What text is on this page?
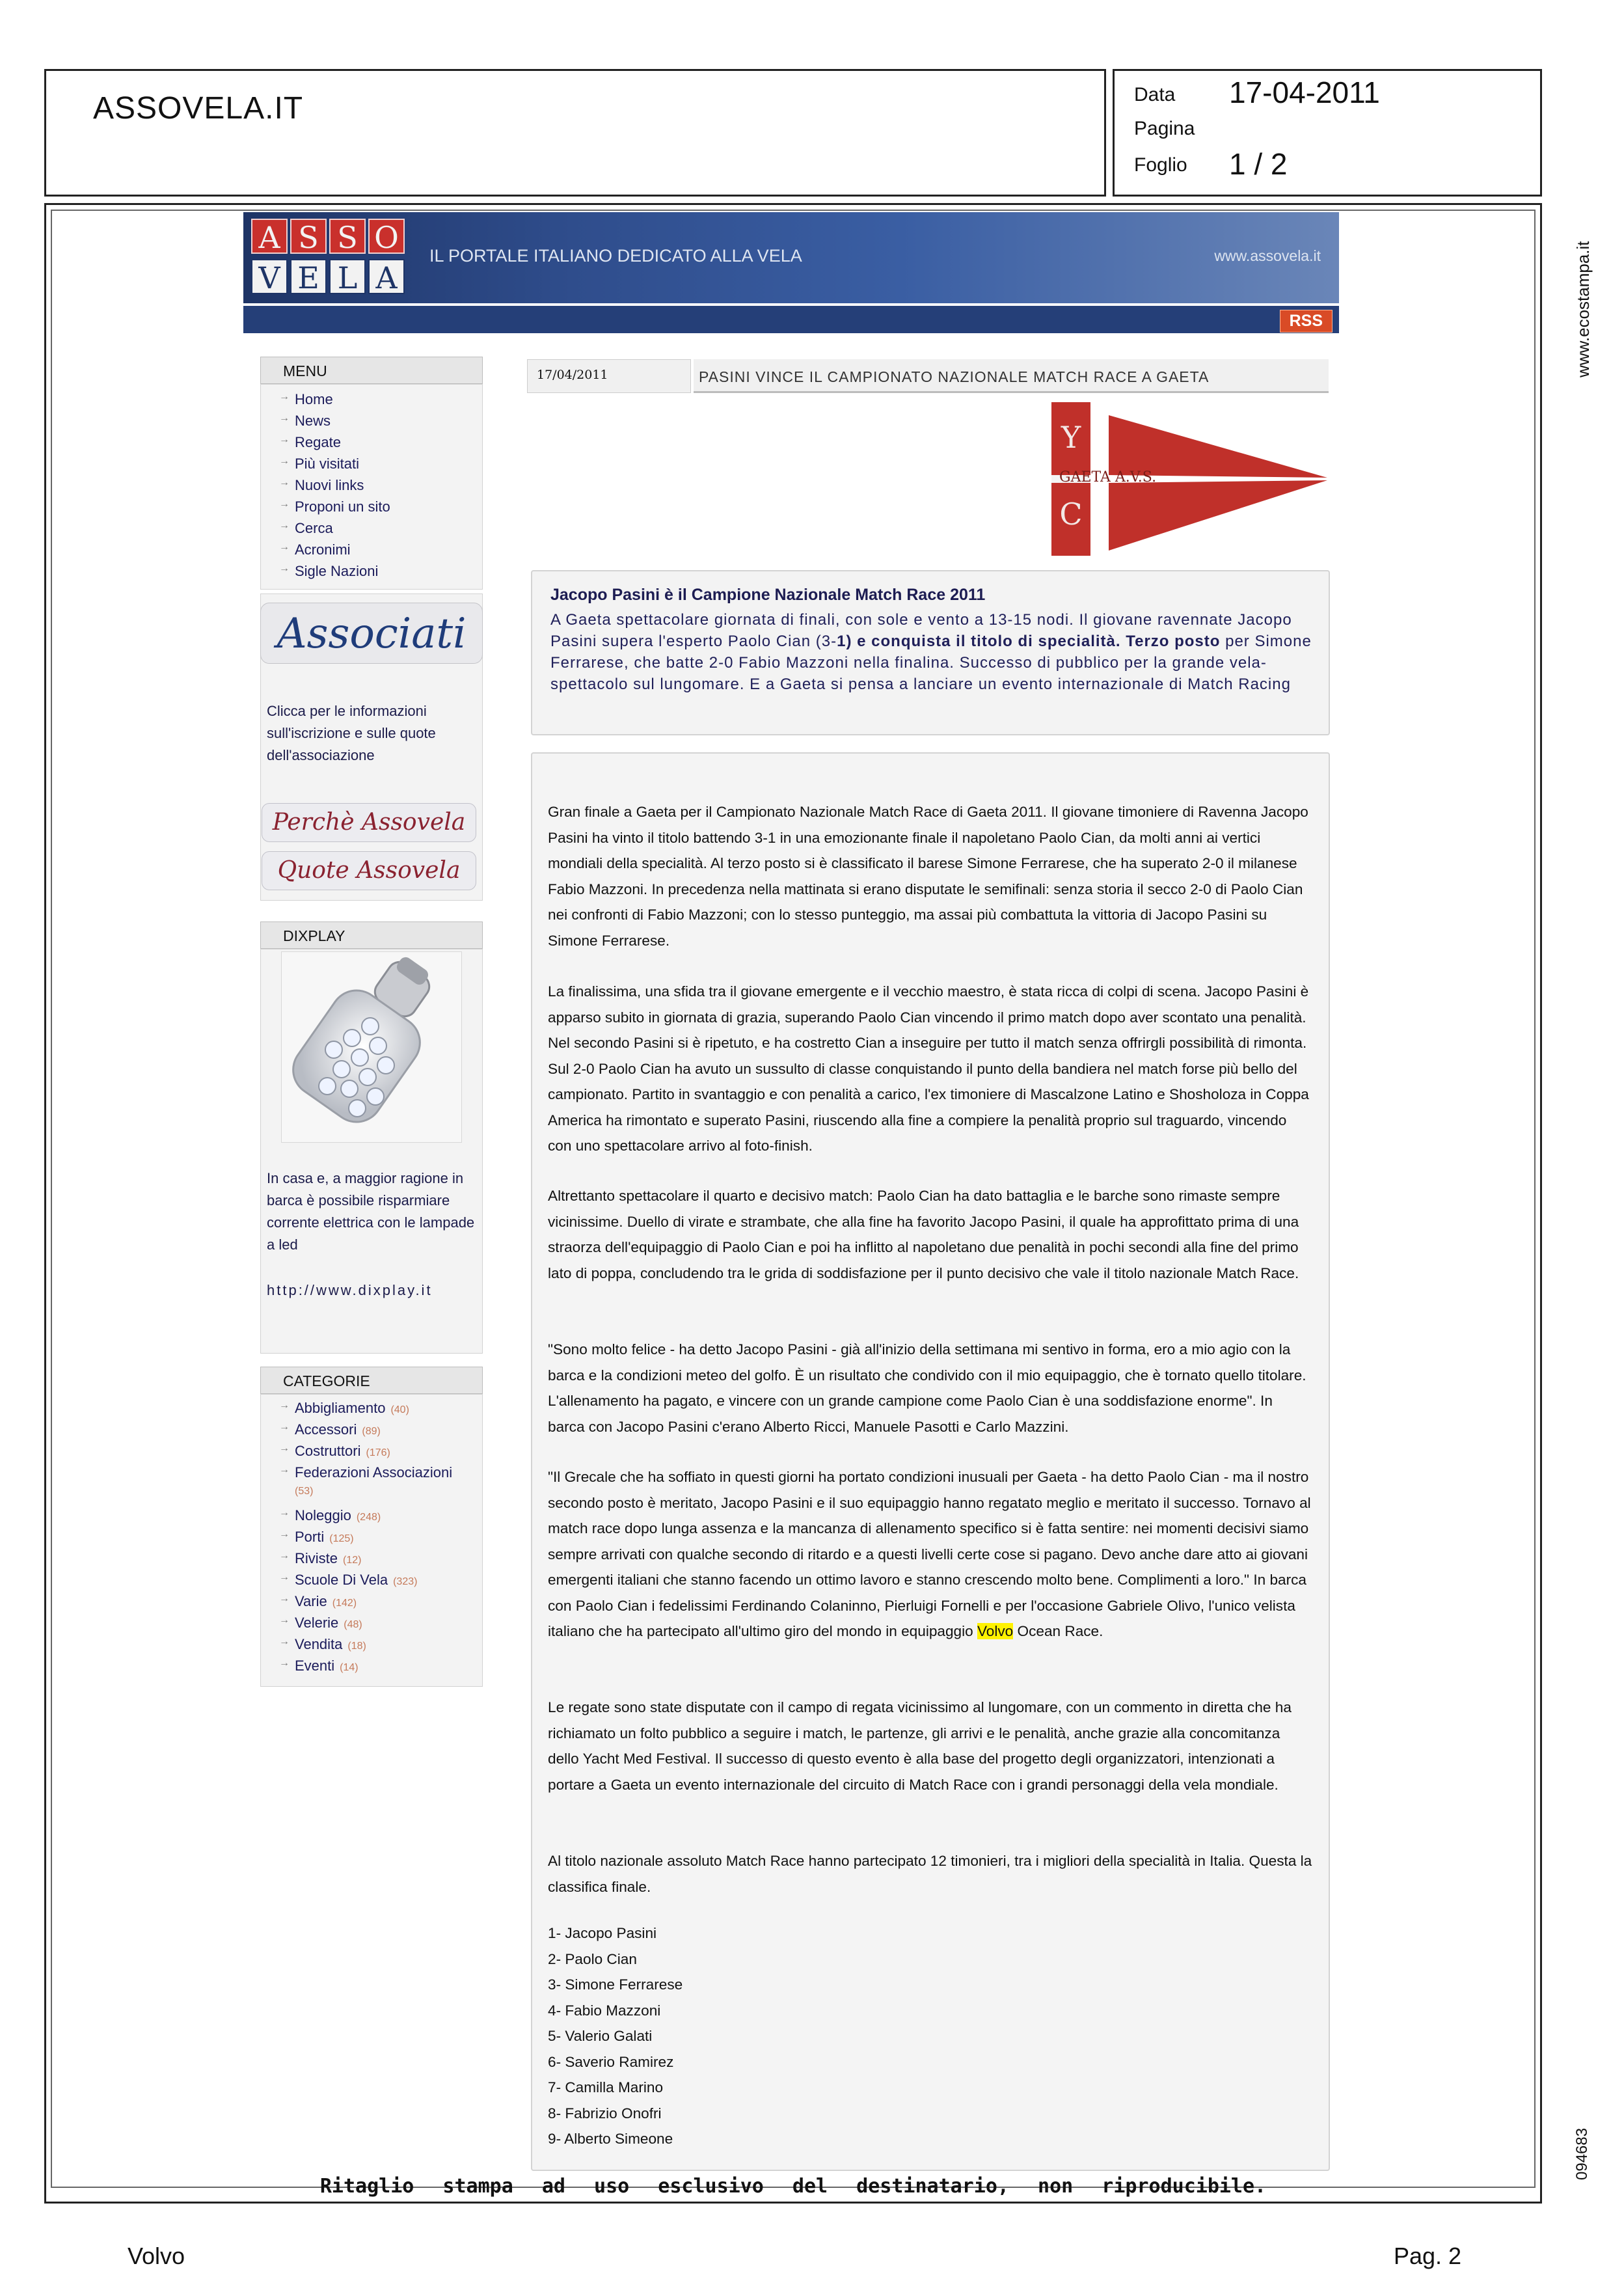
ASSOVELA.IT	Data 17-04-2011
Pagina
Foglio 1 / 2
www.ecostampa.it
094683
Ritaglio stampa ad uso esclusivo del destinatario, non riproducibile.
Volvo	Pag. 2
A S S O
V E L A
IL PORTALE ITALIANO DEDICATO ALLA VELA	www.assovela.it
RSS
MENU
→ Home
→ News
→ Regate
→ Più visitati
→ Nuovi links
→ Proponi un sito
→ Cerca
→ Acronimi
→ Sigle Nazioni
Associati
Clicca per le informazioni sull'iscrizione e sulle quote dell'associazione
Perchè Assovela
Quote Assovela
DIXPLAY
In casa e, a maggior ragione in barca è possibile risparmiare corrente elettrica con le lampade a led
http://www.dixplay.it
CATEGORIE
→ Abbigliamento (40)
→ Accessori (89)
→ Costruttori (176)
→ Federazioni Associazioni
(53)
→ Noleggio (248)
→ Porti (125)
→ Riviste (12)
→ Scuole Di Vela (323)
→ Varie (142)
→ Velerie (48)
→ Vendita (18)
→ Eventi (14)
17/04/2011	PASINI VINCE IL CAMPIONATO NAZIONALE MATCH RACE A GAETA
Y
C
GAETA A.V.S.
Jacopo Pasini è il Campione Nazionale Match Race 2011
A Gaeta spettacolare giornata di finali, con sole e vento a 13-15 nodi. Il giovane ravennate Jacopo Pasini supera l'esperto Paolo Cian (3-1) e conquista il titolo di specialità. Terzo posto per Simone Ferrarese, che batte 2-0 Fabio Mazzoni nella finalina. Successo di pubblico per la grande vela-spettacolo sul lungomare. E a Gaeta si pensa a lanciare un evento internazionale di Match Racing
Gran finale a Gaeta per il Campionato Nazionale Match Race di Gaeta 2011. Il giovane timoniere di Ravenna Jacopo Pasini ha vinto il titolo battendo 3-1 in una emozionante finale il napoletano Paolo Cian, da molti anni ai vertici mondiali della specialità. Al terzo posto si è classificato il barese Simone Ferrarese, che ha superato 2-0 il milanese Fabio Mazzoni. In precedenza nella mattinata si erano disputate le semifinali: senza storia il secco 2-0 di Paolo Cian nei confronti di Fabio Mazzoni; con lo stesso punteggio, ma assai più combattuta la vittoria di Jacopo Pasini su Simone Ferrarese.
La finalissima, una sfida tra il giovane emergente e il vecchio maestro, è stata ricca di colpi di scena. Jacopo Pasini è apparso subito in giornata di grazia, superando Paolo Cian vincendo il primo match dopo aver scontato una penalità. Nel secondo Pasini si è ripetuto, e ha costretto Cian a inseguire per tutto il match senza offrirgli possibilità di rimonta. Sul 2-0 Paolo Cian ha avuto un sussulto di classe conquistando il punto della bandiera nel match forse più bello del campionato. Partito in svantaggio e con penalità a carico, l'ex timoniere di Mascalzone Latino e Shosholoza in Coppa America ha rimontato e superato Pasini, riuscendo alla fine a compiere la penalità proprio sul traguardo, vincendo con uno spettacolare arrivo al foto-finish.
Altrettanto spettacolare il quarto e decisivo match: Paolo Cian ha dato battaglia e le barche sono rimaste sempre vicinissime. Duello di virate e strambate, che alla fine ha favorito Jacopo Pasini, il quale ha approfittato prima di una straorza dell'equipaggio di Paolo Cian e poi ha inflitto al napoletano due penalità in pochi secondi alla fine del primo lato di poppa, concludendo tra le grida di soddisfazione per il punto decisivo che vale il titolo nazionale Match Race.
"Sono molto felice - ha detto Jacopo Pasini - già all'inizio della settimana mi sentivo in forma, ero a mio agio con la barca e la condizioni meteo del golfo. È un risultato che condivido con il mio equipaggio, che è tornato quello titolare. L'allenamento ha pagato, e vincere con un grande campione come Paolo Cian è una soddisfazione enorme". In barca con Jacopo Pasini c'erano Alberto Ricci, Manuele Pasotti e Carlo Mazzini.
"Il Grecale che ha soffiato in questi giorni ha portato condizioni inusuali per Gaeta - ha detto Paolo Cian - ma il nostro secondo posto è meritato, Jacopo Pasini e il suo equipaggio hanno regatato meglio e meritato il successo. Tornavo al match race dopo lunga assenza e la mancanza di allenamento specifico si è fatta sentire: nei momenti decisivi siamo sempre arrivati con qualche secondo di ritardo e a questi livelli certe cose si pagano. Devo anche dare atto ai giovani emergenti italiani che stanno facendo un ottimo lavoro e stanno crescendo molto bene. Complimenti a loro." In barca con Paolo Cian i fedelissimi Ferdinando Colaninno, Pierluigi Fornelli e per l'occasione Gabriele Olivo, l'unico velista italiano che ha partecipato all'ultimo giro del mondo in equipaggio Volvo Ocean Race.
Le regate sono state disputate con il campo di regata vicinissimo al lungomare, con un commento in diretta che ha richiamato un folto pubblico a seguire i match, le partenze, gli arrivi e le penalità, anche grazie alla concomitanza dello Yacht Med Festival. Il successo di questo evento è alla base del progetto degli organizzatori, intenzionati a portare a Gaeta un evento internazionale del circuito di Match Race con i grandi personaggi della vela mondiale.
Al titolo nazionale assoluto Match Race hanno partecipato 12 timonieri, tra i migliori della specialità in Italia. Questa la classifica finale.
1- Jacopo Pasini
2- Paolo Cian
3- Simone Ferrarese
4- Fabio Mazzoni
5- Valerio Galati
6- Saverio Ramirez
7- Camilla Marino
8- Fabrizio Onofri
9- Alberto Simeone
